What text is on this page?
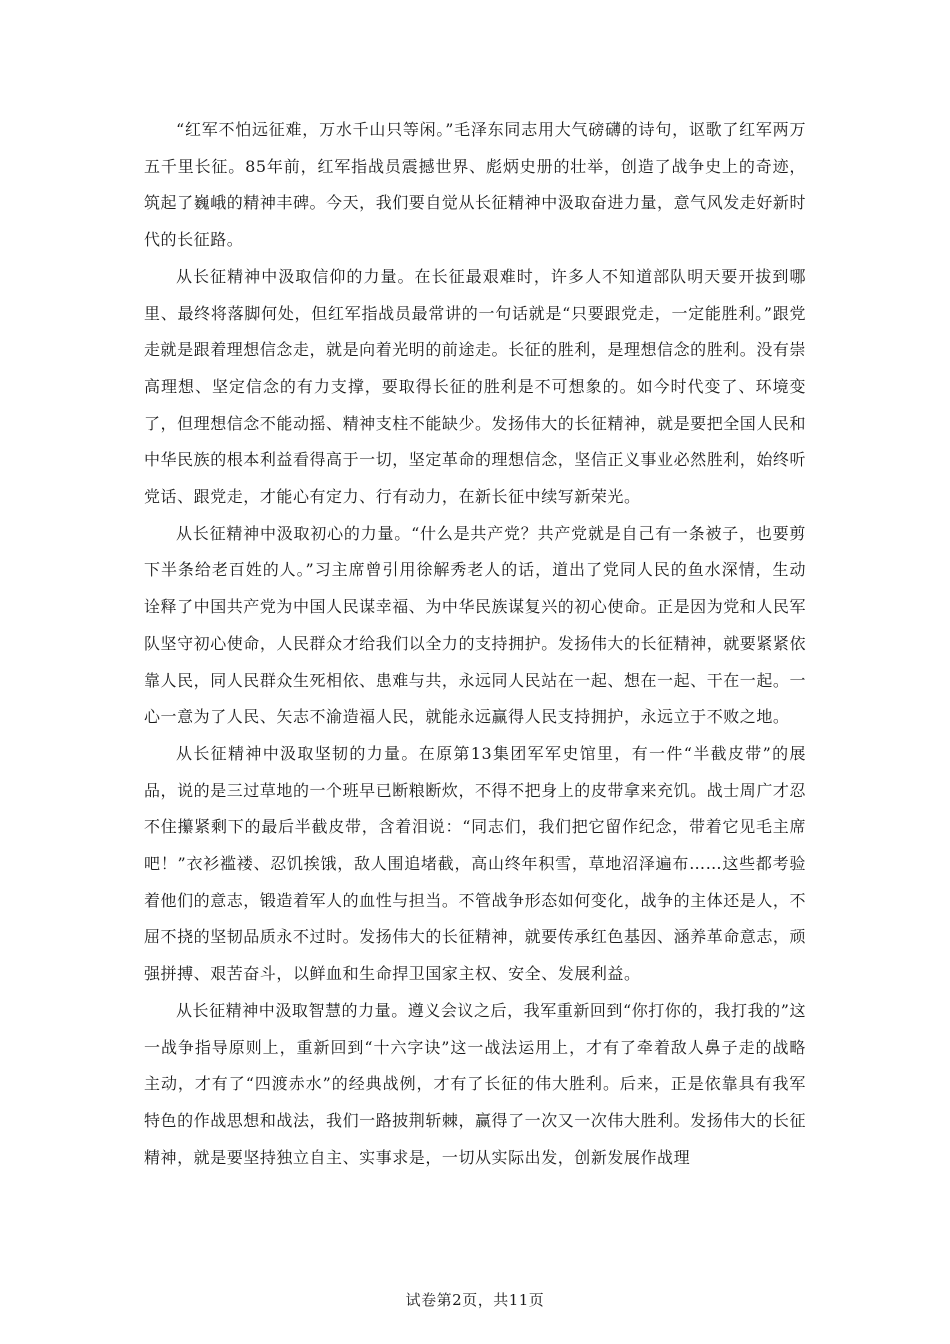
“红军不怕远征难，万水千山只等闲。”毛泽东同志用大气磅礴的诗句，讴歌了红军两万五千里长征。85年前，红军指战员震撼世界、彪炳史册的壮举，创造了战争史上的奇迹，筑起了巍峨的精神丰碑。今天，我们要自觉从长征精神中汲取奋进力量，意气风发走好新时代的长征路。

从长征精神中汲取信仰的力量。在长征最艰难时，许多人不知道部队明天要开拔到哪里、最终将落脚何处，但红军指战员最常讲的一句话就是“只要跟党走，一定能胜利。”跟党走就是跟着理想信念走，就是向着光明的前途走。长征的胜利，是理想信念的胜利。没有崇高理想、坚定信念的有力支撑，要取得长征的胜利是不可想象的。如今时代变了、环境变了，但理想信念不能动摇、精神支柱不能缺少。发扬伟大的长征精神，就是要把全国人民和中华民族的根本利益看得高于一切，坚定革命的理想信念，坚信正义事业必然胜利，始终听党话、跟党走，才能心有定力、行有动力，在新长征中续写新荣光。

从长征精神中汲取初心的力量。“什么是共产党？共产党就是自己有一条被子，也要剪下半条给老百姓的人。”习主席曾引用徐解秀老人的话，道出了党同人民的鱼水深情，生动诠释了中国共产党为中国人民谋幸福、为中华民族谋复兴的初心使命。正是因为党和人民军队坚守初心使命，人民群众才给我们以全力的支持拥护。发扬伟大的长征精神，就要紧紧依靠人民，同人民群众生死相依、患难与共，永远同人民站在一起、想在一起、干在一起。一心一意为了人民、矢志不渝造福人民，就能永远赢得人民支持拥护，永远立于不败之地。

从长征精神中汲取坚韧的力量。在原第13集团军军史馆里，有一件“半截皮带”的展品，说的是三过草地的一个班早已断粮断炊，不得不把身上的皮带拿来充饥。战士周广才忍不住攥紧剩下的最后半截皮带，含着泪说：“同志们，我们把它留作纪念，带着它见毛主席吧！”衣衫褴褛、忍饥挨饿，敌人围追堵截，高山终年积雪，草地沼泽遍布……这些都考验着他们的意志，锻造着军人的血性与担当。不管战争形态如何变化，战争的主体还是人，不屈不挠的坚韧品质永不过时。发扬伟大的长征精神，就要传承红色基因、涵养革命意志，顽强拼搏、艰苦奋斗，以鲜血和生命捍卫国家主权、安全、发展利益。

从长征精神中汲取智慧的力量。遵义会议之后，我军重新回到“你打你的，我打我的”这一战争指导原则上，重新回到“十六字诀”这一战法运用上，才有了牵着敌人鼻子走的战略主动，才有了“四渡赤水”的经典战例，才有了长征的伟大胜利。后来，正是依靠具有我军特色的作战思想和战法，我们一路披荆斩棘，赢得了一次又一次伟大胜利。发扬伟大的长征精神，就是要坚持独立自主、实事求是，一切从实际出发，创新发展作战理

试卷第2页，共11页
